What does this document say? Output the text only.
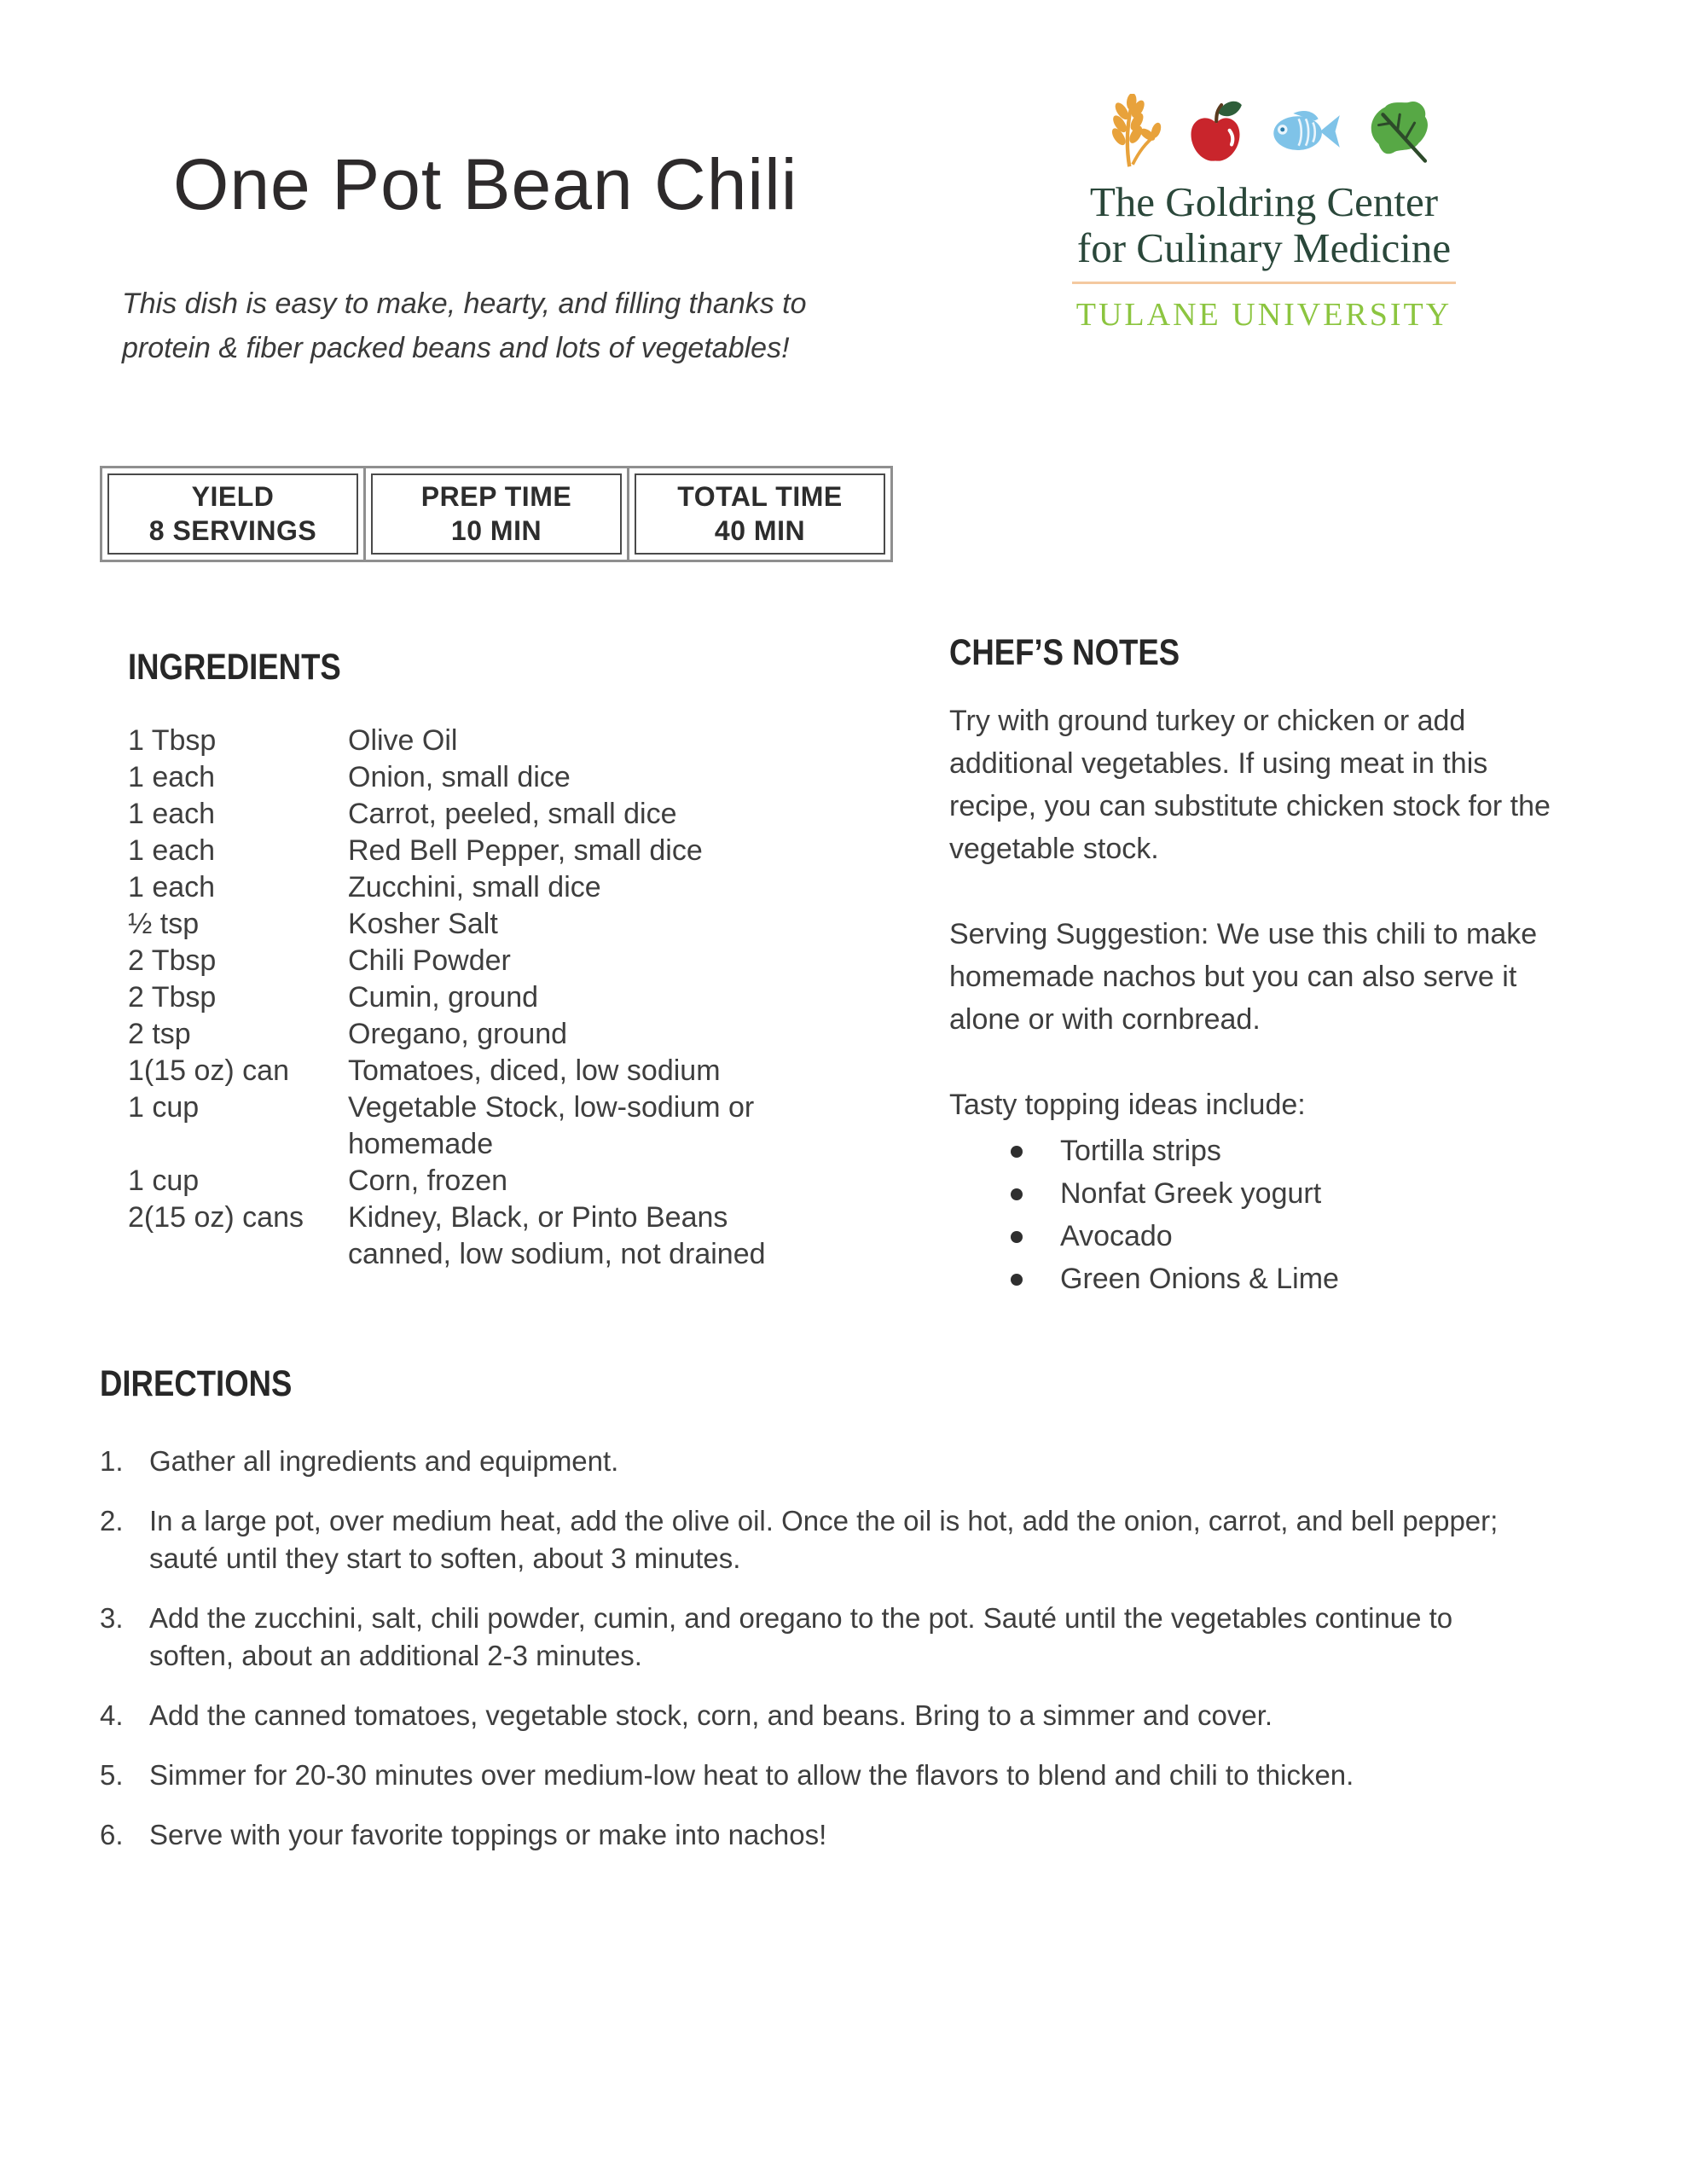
One Pot Bean Chili

This dish is easy to make, hearty, and filling thanks to protein & fiber packed beans and lots of vegetables!

The Goldring Center
for Culinary Medicine
TULANE UNIVERSITY
YIELD
8 SERVINGS
PREP TIME
10 MIN
TOTAL TIME
40 MIN
INGREDIENTS
1 Tbsp	Olive Oil
1 each	Onion, small dice
1 each	Carrot, peeled, small dice
1 each	Red Bell Pepper, small dice
1 each	Zucchini, small dice
½ tsp	Kosher Salt
2 Tbsp	Chili Powder
2 Tbsp	Cumin, ground
2 tsp	Oregano, ground
1(15 oz) can	Tomatoes, diced, low sodium
1 cup	Vegetable Stock, low-sodium or homemade
1 cup	Corn, frozen
2(15 oz) cans	Kidney, Black, or Pinto Beans canned, low sodium, not drained
CHEF’S NOTES

Try with ground turkey or chicken or add additional vegetables. If using meat in this recipe, you can substitute chicken stock for the vegetable stock.

Serving Suggestion: We use this chili to make homemade nachos but you can also serve it alone or with cornbread.

Tasty topping ideas include:

Tortilla strips
Nonfat Greek yogurt
Avocado
Green Onions & Lime
DIRECTIONS
1. Gather all ingredients and equipment.
2. In a large pot, over medium heat, add the olive oil. Once the oil is hot, add the onion, carrot, and bell pepper; sauté until they start to soften, about 3 minutes.
3. Add the zucchini, salt, chili powder, cumin, and oregano to the pot. Sauté until the vegetables continue to soften, about an additional 2-3 minutes.
4. Add the canned tomatoes, vegetable stock, corn, and beans. Bring to a simmer and cover.
5. Simmer for 20-30 minutes over medium-low heat to allow the flavors to blend and chili to thicken.
6. Serve with your favorite toppings or make into nachos!
